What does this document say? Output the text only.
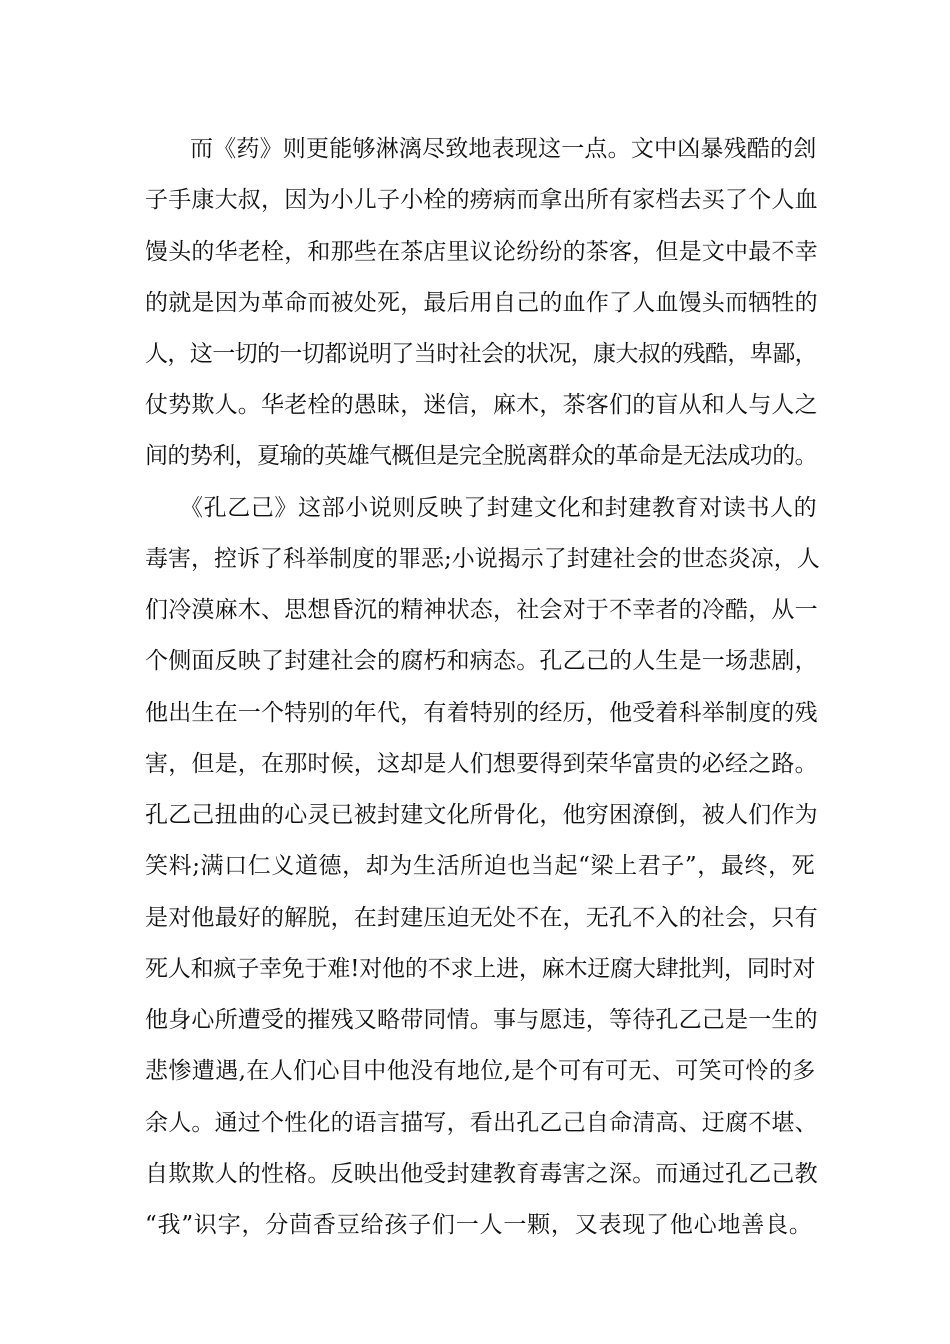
而《药》则更能够淋漓尽致地表现这一点。文中凶暴残酷的刽
子手康大叔，因为小儿子小栓的痨病而拿出所有家档去买了个人血
馒头的华老栓，和那些在茶店里议论纷纷的茶客，但是文中最不幸
的就是因为革命而被处死，最后用自己的血作了人血馒头而牺牲的
人，这一切的一切都说明了当时社会的状况，康大叔的残酷，卑鄙，
仗势欺人。华老栓的愚昧，迷信，麻木，茶客们的盲从和人与人之
间的势利，夏瑜的英雄气概但是完全脱离群众的革命是无法成功的。
《孔乙己》这部小说则反映了封建文化和封建教育对读书人的
毒害，控诉了科举制度的罪恶;小说揭示了封建社会的世态炎凉，人
们冷漠麻木、思想昏沉的精神状态，社会对于不幸者的冷酷，从一
个侧面反映了封建社会的腐朽和病态。孔乙己的人生是一场悲剧，
他出生在一个特别的年代，有着特别的经历，他受着科举制度的残
害，但是，在那时候，这却是人们想要得到荣华富贵的必经之路。
孔乙己扭曲的心灵已被封建文化所骨化，他穷困潦倒，被人们作为
笑料;满口仁义道德，却为生活所迫也当起“梁上君子”，最终，死
是对他最好的解脱，在封建压迫无处不在，无孔不入的社会，只有
死人和疯子幸免于难!对他的不求上进，麻木迂腐大肆批判，同时对
他身心所遭受的摧残又略带同情。事与愿违，等待孔乙己是一生的
悲惨遭遇,在人们心目中他没有地位,是个可有可无、可笑可怜的多
余人。通过个性化的语言描写，看出孔乙己自命清高、迂腐不堪、
自欺欺人的性格。反映出他受封建教育毒害之深。而通过孔乙己教
“我”识字，分茴香豆给孩子们一人一颗，又表现了他心地善良。
